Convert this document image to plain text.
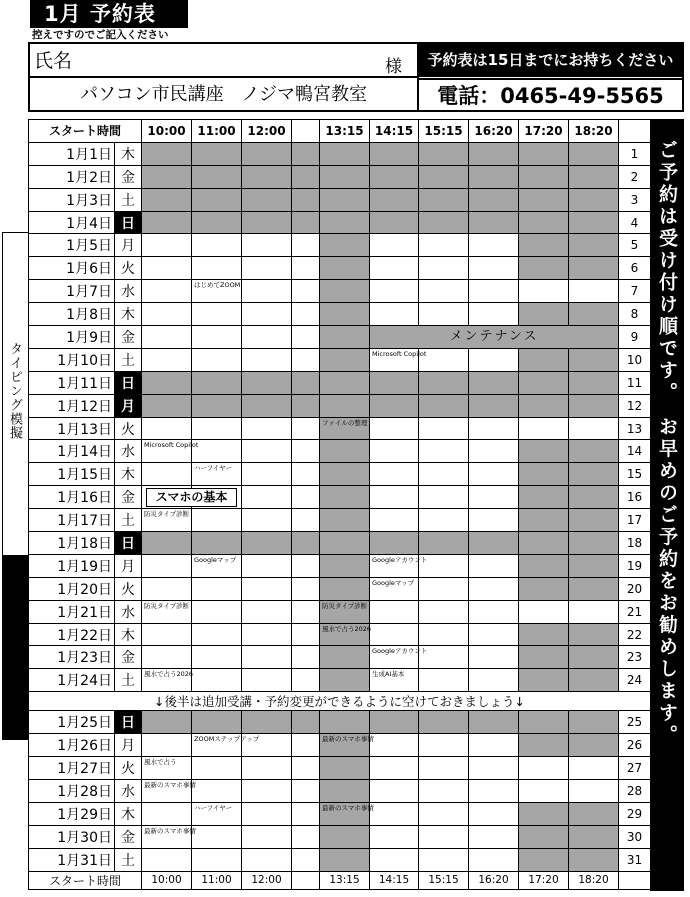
1月 予約表
控えですのでご記入ください
氏名	様	予約表は15日までにお持ちください
パソコン市民講座　ノジマ鴨宮教室	電話：0465-49-5565
スタート時間		10:00	11:00	12:00		13:15	14:15	15:15	16:20	17:20	18:20	
1月1日	木											1
1月2日	金											2
1月3日	土											3
1月4日	日											4
1月5日	月											5
1月6日	火											6
1月7日	水		はじめてZOOM									7
1月8日	木											8
1月9日	金						メンテナンス					9
1月10日	土						Microsoft Copilot					10
1月11日	日											11
1月12日	月											12
1月13日	火					ファイルの整理						13
1月14日	水	Microsoft Copilot										14
1月15日	木		ハーフイヤー									15
1月16日	金	スマホの基本										16
1月17日	土	防災タイプ診断										17
1月18日	日											18
1月19日	月		Googleマップ				Googleアカウント					19
1月20日	火						Googleマップ					20
1月21日	水	防災タイプ診断				防災タイプ診断						21
1月22日	木					風水で占う2026						22
1月23日	金						Googleアカウント					23
1月24日	土	風水で占う2026					生成AI基本					24
↓後半は追加受講・予約変更ができるように空けておきましょう↓												
1月25日	日											25
1月26日	月		ZOOMステップアップ			最新のスマホ事情						26
1月27日	火	風水で占う										27
1月28日	水	最新のスマホ事情										28
1月29日	木		ハーフイヤー			最新のスマホ事情						29
1月30日	金	最新のスマホ事情										30
1月31日	土											31
スタート時間		10:00	11:00	12:00		13:15	14:15	15:15	16:20	17:20	18:20	
ご予約は受け付け順です。　お早めのご予約をお勧めします。
タイピング模擬
タイピングコンテスト
